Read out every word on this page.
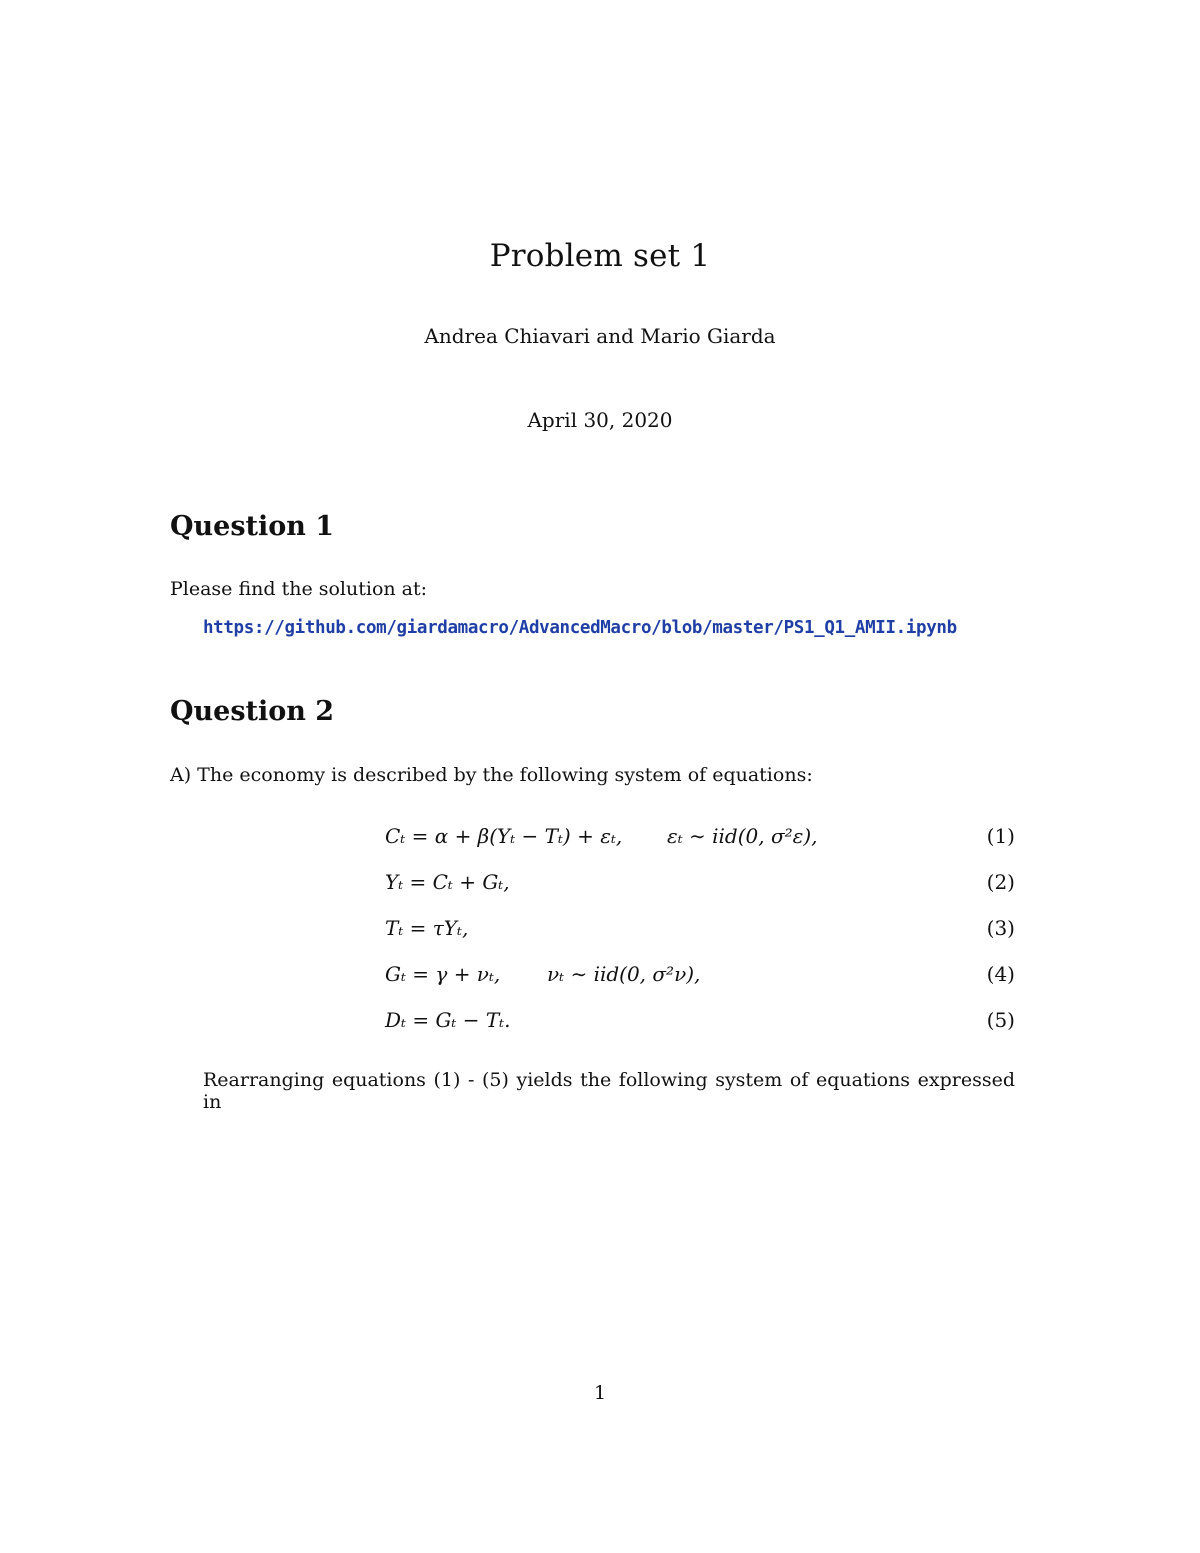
Problem set 1
Andrea Chiavari and Mario Giarda
April 30, 2020
Question 1
Please find the solution at:
https://github.com/giardamacro/AdvancedMacro/blob/master/PS1_Q1_AMII.ipynb
Question 2
A) The economy is described by the following system of equations:
Cₜ = α + β(Yₜ − Tₜ) + εₜ, εₜ ∼ iid(0, σ²ε),	(1)
Yₜ = Cₜ + Gₜ,	(2)
Tₜ = τYₜ,	(3)
Gₜ = γ + νₜ, νₜ ∼ iid(0, σ²ν),	(4)
Dₜ = Gₜ − Tₜ.	(5)
Rearranging equations (1) - (5) yields the following system of equations expressed in
1
